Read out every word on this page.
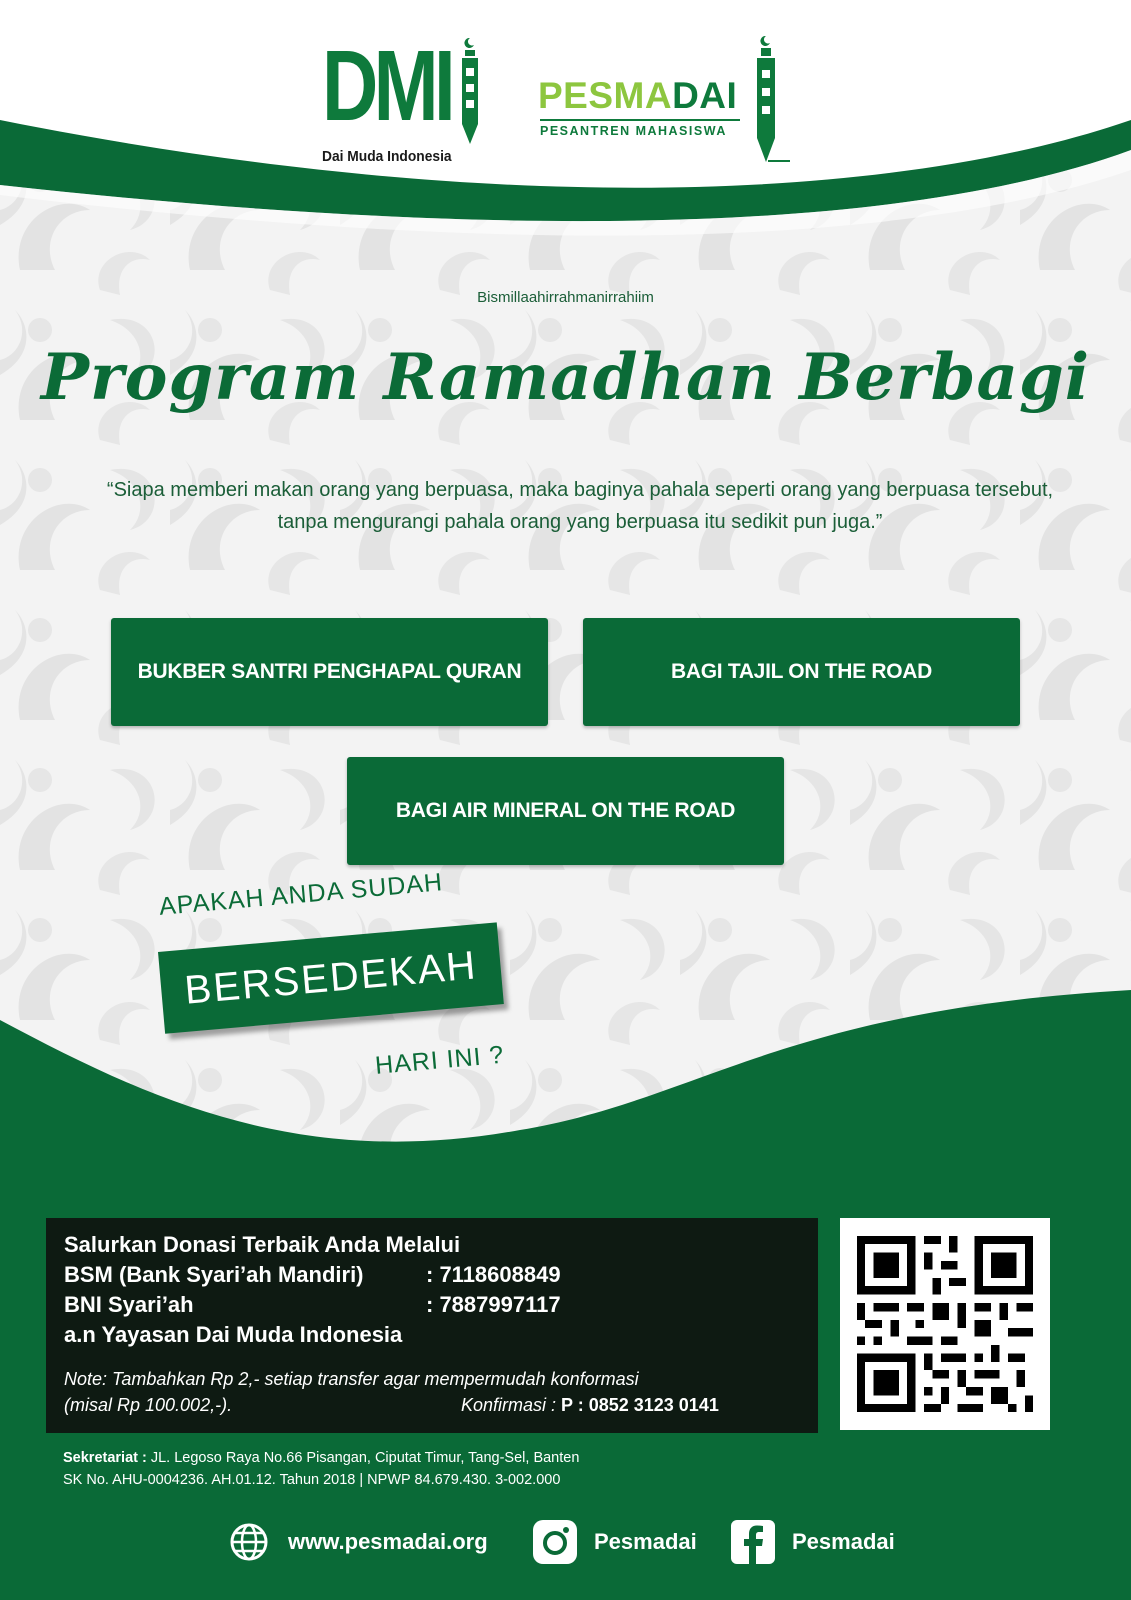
DMI
Dai Muda Indonesia
PESMADAI
PESANTREN MAHASISWA
Bismillaahirrahmanirrahiim
Program Ramadhan Berbagi
“Siapa memberi makan orang yang berpuasa, maka baginya pahala seperti orang yang berpuasa tersebut, tanpa mengurangi pahala orang yang berpuasa itu sedikit pun juga.”
BUKBER SANTRI PENGHAPAL QURAN	BAGI TAJIL ON THE ROAD
BAGI AIR MINERAL ON THE ROAD
APAKAH ANDA SUDAH
BERSEDEKAH
HARI INI ?
Salurkan Donasi Terbaik Anda Melalui
BSM (Bank Syari’ah Mandiri)	: 7118608849
BNI Syari’ah	: 7887997117
a.n Yayasan Dai Muda Indonesia
Note: Tambahkan Rp 2,- setiap transfer agar mempermudah konformasi
(misal Rp 100.002,-).	Konfirmasi : P : 0852 3123 0141
Sekretariat : JL. Legoso Raya No.66 Pisangan, Ciputat Timur, Tang-Sel, Banten
SK No. AHU-0004236. AH.01.12. Tahun 2018 | NPWP 84.679.430. 3-002.000
www.pesmadai.org	Pesmadai	Pesmadai
